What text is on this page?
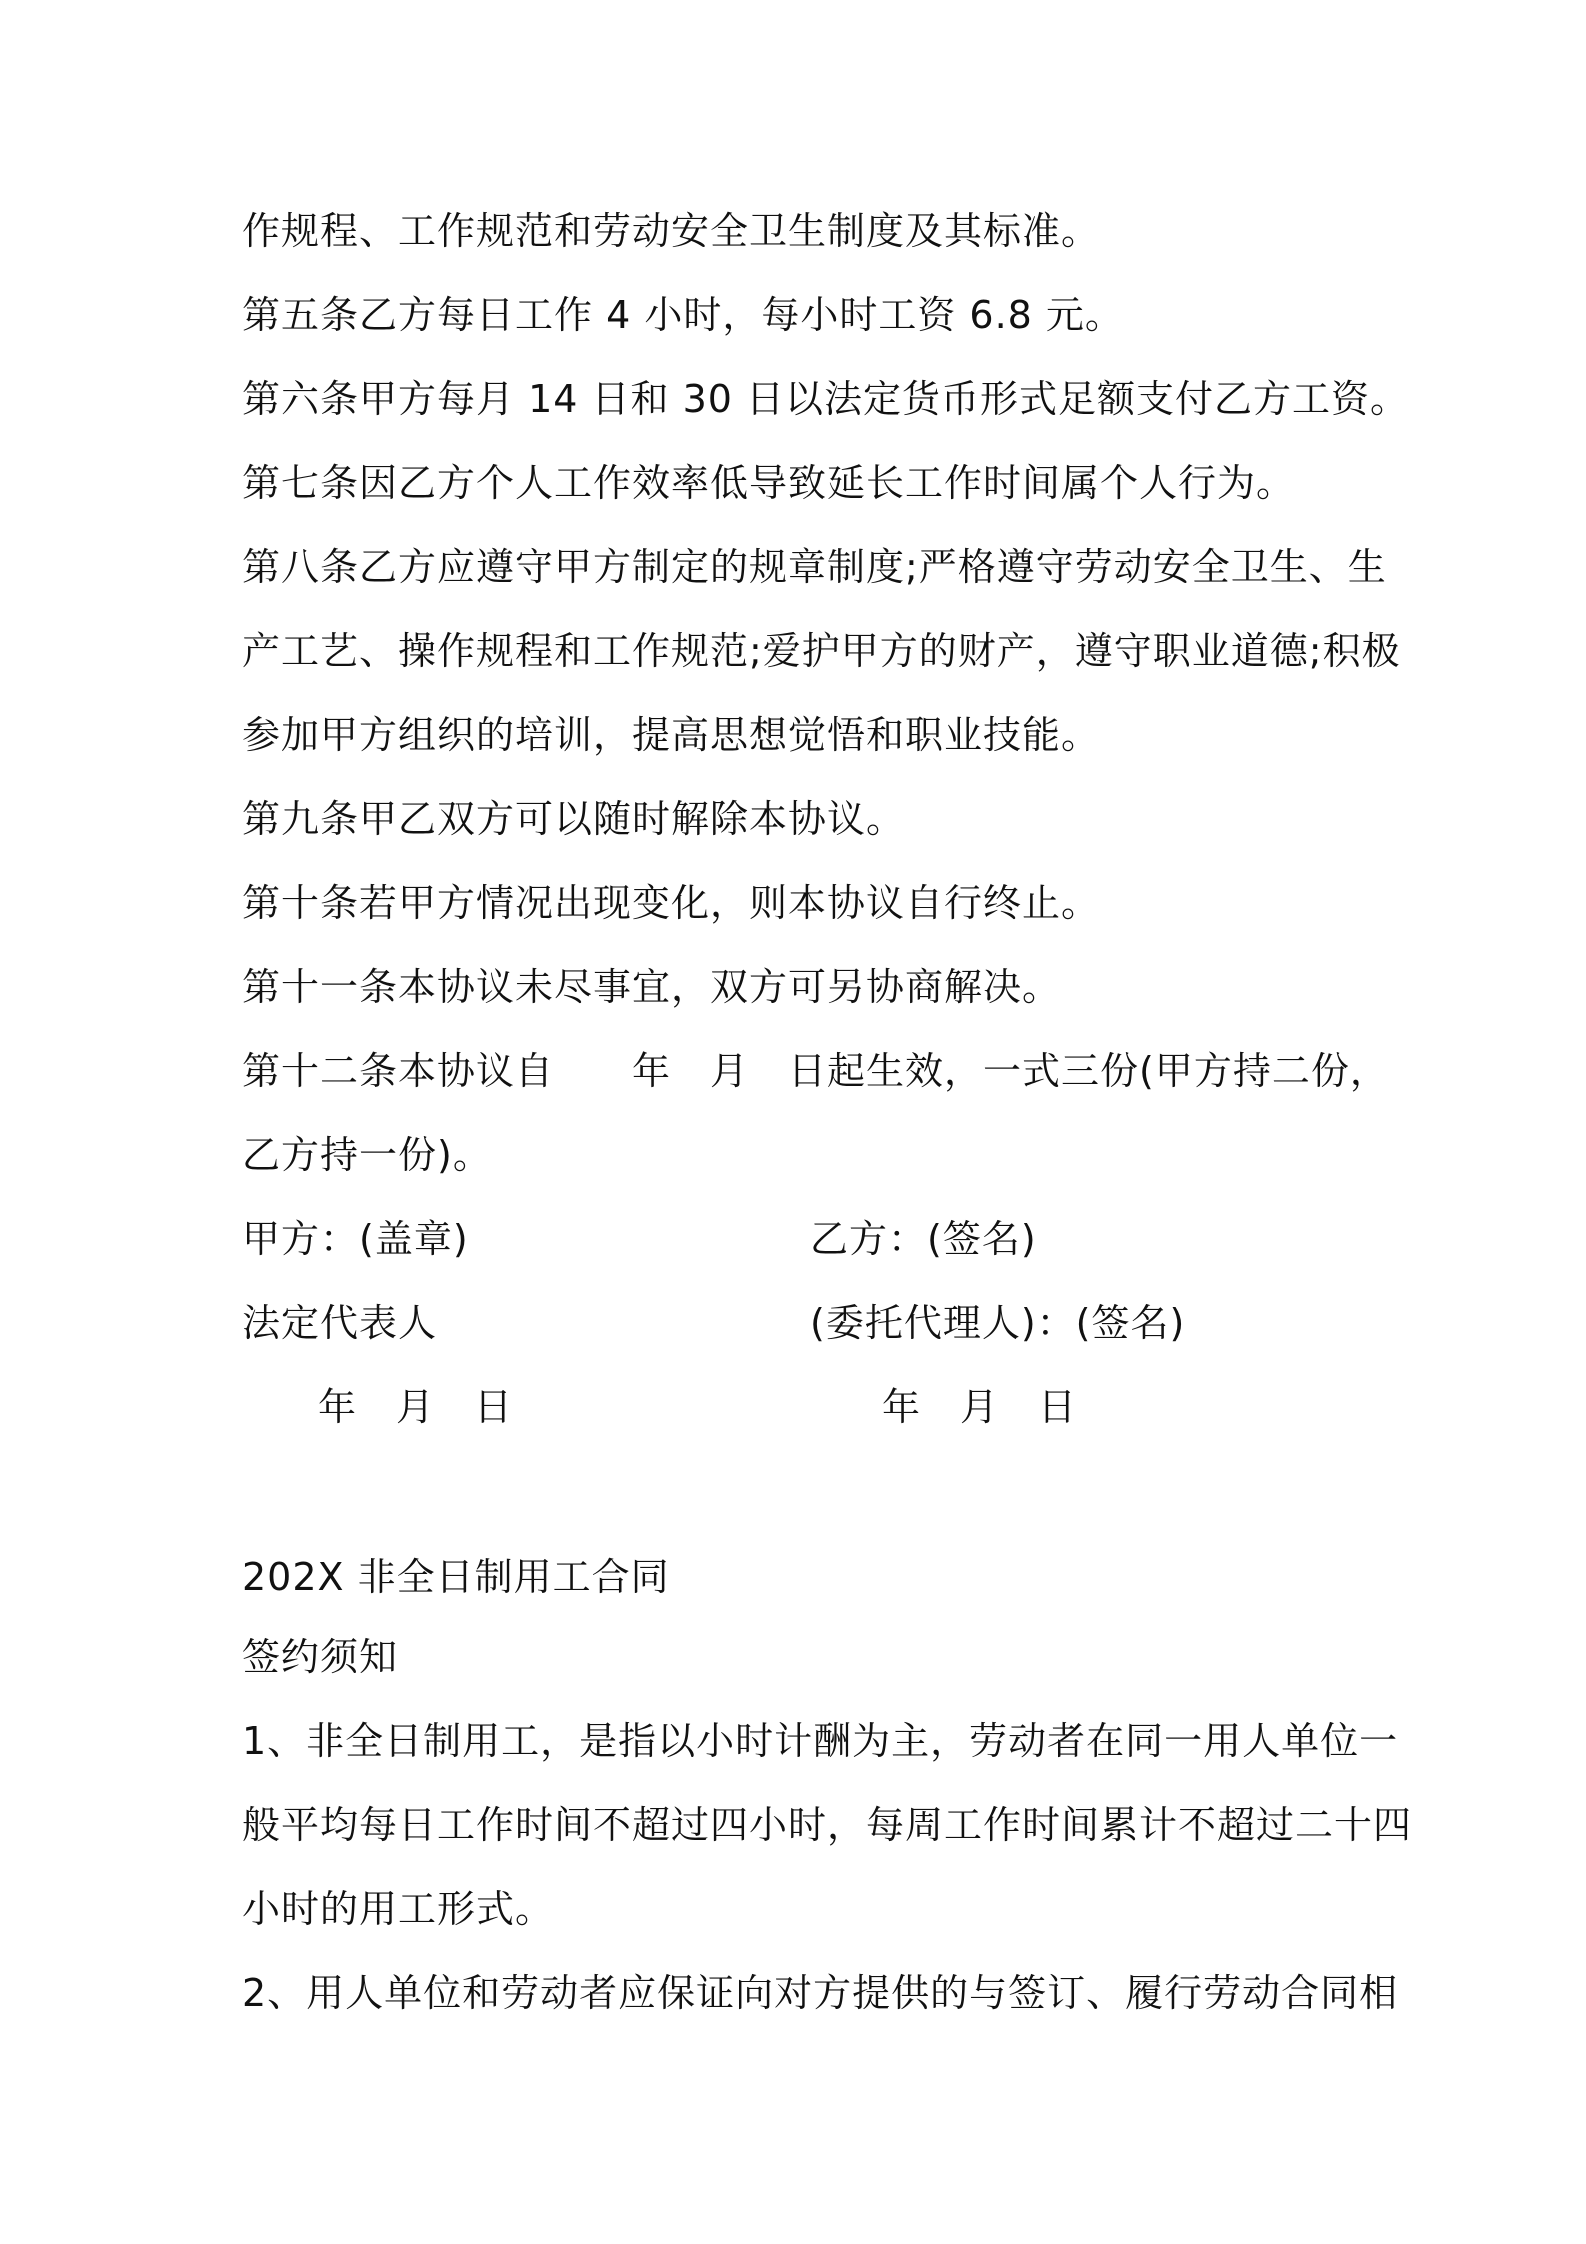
作规程、工作规范和劳动安全卫生制度及其标准。
第五条乙方每日工作 4 小时，每小时工资 6.8 元。
第六条甲方每月 14 日和 30 日以法定货币形式足额支付乙方工资。
第七条因乙方个人工作效率低导致延长工作时间属个人行为。
第八条乙方应遵守甲方制定的规章制度;严格遵守劳动安全卫生、生
产工艺、操作规程和工作规范;爱护甲方的财产，遵守职业道德;积极
参加甲方组织的培训，提高思想觉悟和职业技能。
第九条甲乙双方可以随时解除本协议。
第十条若甲方情况出现变化，则本协议自行终止。
第十一条本协议未尽事宜，双方可另协商解决。
第十二条本协议自　　年　月　日起生效，一式三份(甲方持二份，
乙方持一份)。
甲方：(盖章)	乙方：(签名)
法定代表人	(委托代理人)：(签名)
年　月　日	年　月　日
202X 非全日制用工合同
签约须知
1、非全日制用工，是指以小时计酬为主，劳动者在同一用人单位一
般平均每日工作时间不超过四小时，每周工作时间累计不超过二十四
小时的用工形式。
2、用人单位和劳动者应保证向对方提供的与签订、履行劳动合同相
